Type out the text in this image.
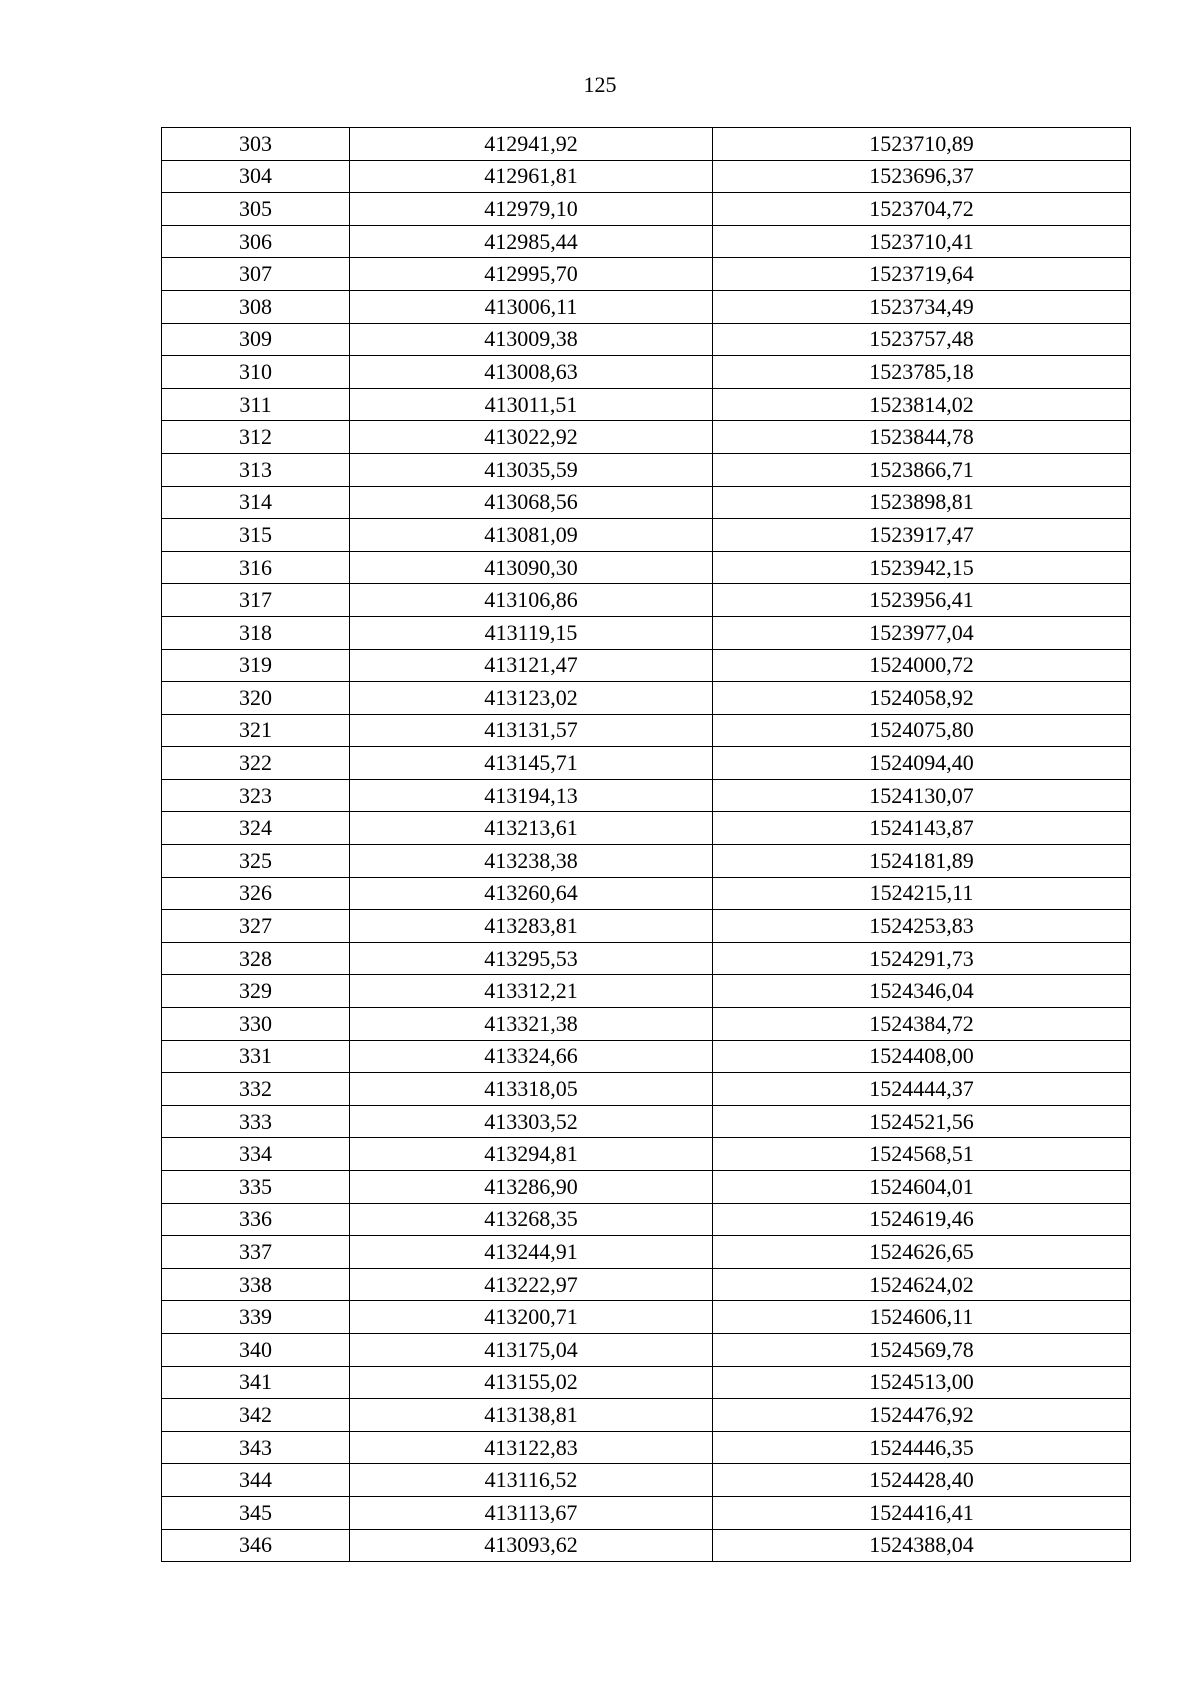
125
303	412941,92	1523710,89
304	412961,81	1523696,37
305	412979,10	1523704,72
306	412985,44	1523710,41
307	412995,70	1523719,64
308	413006,11	1523734,49
309	413009,38	1523757,48
310	413008,63	1523785,18
311	413011,51	1523814,02
312	413022,92	1523844,78
313	413035,59	1523866,71
314	413068,56	1523898,81
315	413081,09	1523917,47
316	413090,30	1523942,15
317	413106,86	1523956,41
318	413119,15	1523977,04
319	413121,47	1524000,72
320	413123,02	1524058,92
321	413131,57	1524075,80
322	413145,71	1524094,40
323	413194,13	1524130,07
324	413213,61	1524143,87
325	413238,38	1524181,89
326	413260,64	1524215,11
327	413283,81	1524253,83
328	413295,53	1524291,73
329	413312,21	1524346,04
330	413321,38	1524384,72
331	413324,66	1524408,00
332	413318,05	1524444,37
333	413303,52	1524521,56
334	413294,81	1524568,51
335	413286,90	1524604,01
336	413268,35	1524619,46
337	413244,91	1524626,65
338	413222,97	1524624,02
339	413200,71	1524606,11
340	413175,04	1524569,78
341	413155,02	1524513,00
342	413138,81	1524476,92
343	413122,83	1524446,35
344	413116,52	1524428,40
345	413113,67	1524416,41
346	413093,62	1524388,04
